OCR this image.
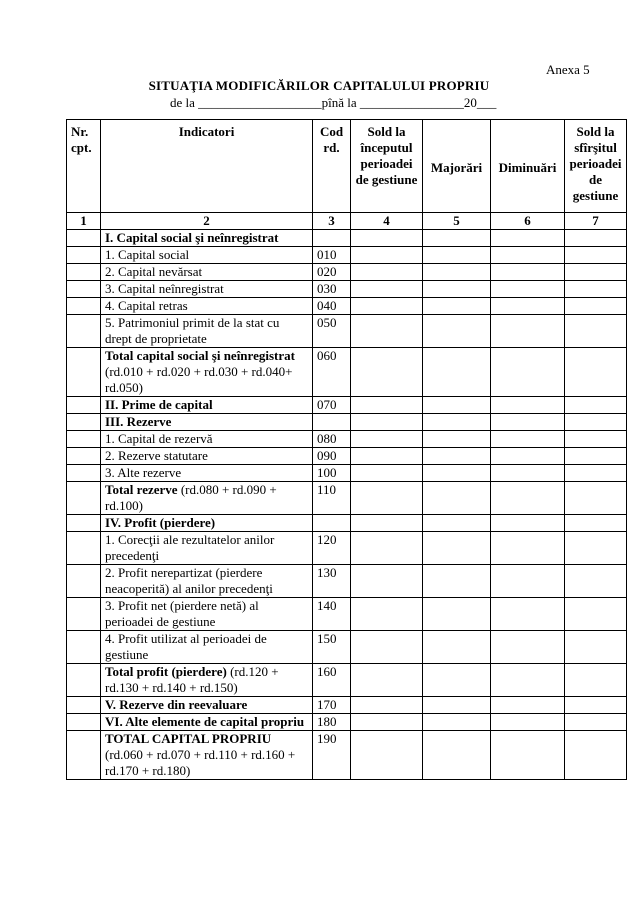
Anexa 5
SITUAŢIA MODIFICĂRILOR CAPITALULUI PROPRIU
de la ___________________pînă la ________________20___
Nr. cpt.	Indicatori	Cod rd.	Sold la începutul perioadei de gestiune	Majorări	Diminuări	Sold la sfîrşitul perioadei de gestiune
1	2	3	4	5	6	7
	I. Capital social şi neînregistrat					
	1. Capital social	010				
	2. Capital nevărsat	020				
	3. Capital neînregistrat	030				
	4. Capital retras	040				
	5. Patrimoniul primit de la stat cu drept de proprietate	050				
	Total capital social şi neînregistrat (rd.010 + rd.020 + rd.030 + rd.040+ rd.050)	060				
	II. Prime de capital	070				
	III. Rezerve					
	1. Capital de rezervă	080				
	2. Rezerve statutare	090				
	3. Alte rezerve	100				
	Total rezerve (rd.080 + rd.090 + rd.100)	110				
	IV. Profit (pierdere)					
	1. Corecţii ale rezultatelor anilor precedenţi	120				
	2. Profit nerepartizat (pierdere neacoperită) al anilor precedenţi	130				
	3. Profit net (pierdere netă) al perioadei de gestiune	140				
	4. Profit utilizat al perioadei de gestiune	150				
	Total profit (pierdere) (rd.120 + rd.130 + rd.140 + rd.150)	160				
	V. Rezerve din reevaluare	170				
	VI. Alte elemente de capital propriu	180				
	TOTAL CAPITAL PROPRIU (rd.060 + rd.070 + rd.110 + rd.160 + rd.170 + rd.180)	190				
